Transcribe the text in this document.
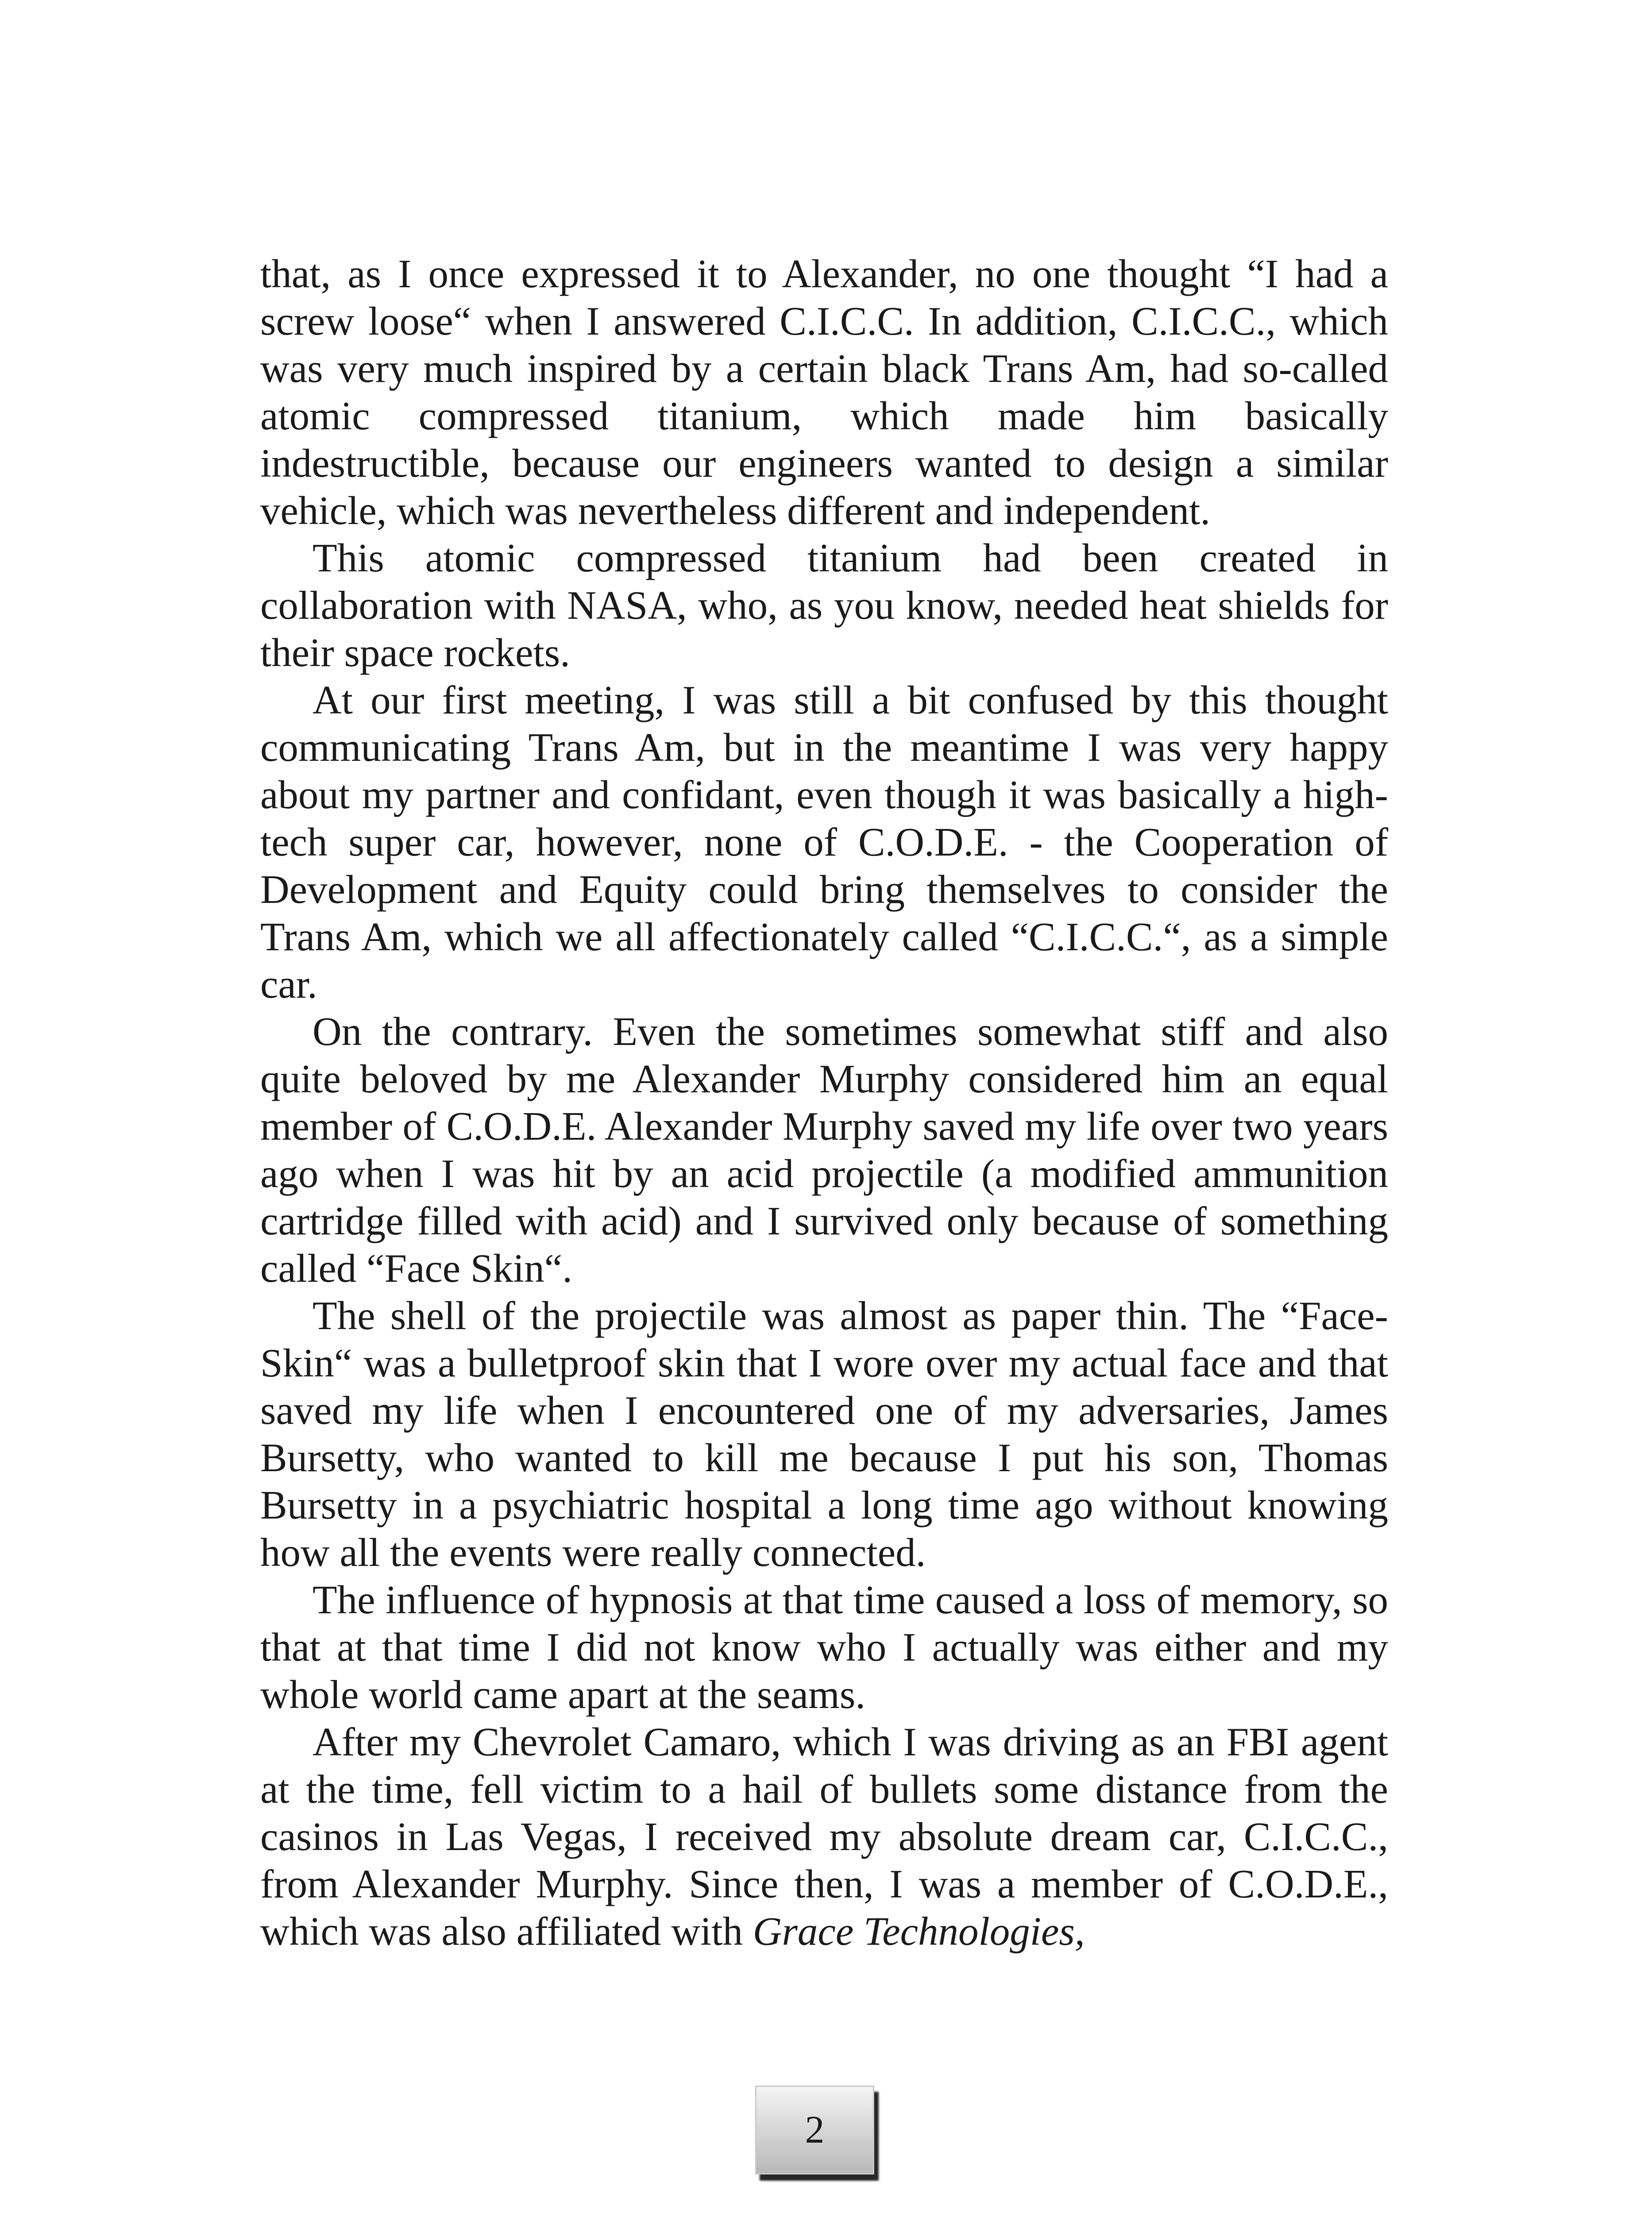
that, as I once expressed it to Alexander, no one thought “I had a screw loose“ when I answered C.I.C.C. In addition, C.I.C.C., which was very much inspired by a certain black Trans Am, had so-called atomic compressed titanium, which made him basically indestructible, because our engineers wanted to design a similar vehicle, which was nevertheless different and independent.

This atomic compressed titanium had been created in collaboration with NASA, who, as you know, needed heat shields for their space rockets.

At our first meeting, I was still a bit confused by this thought communicating Trans Am, but in the meantime I was very happy about my partner and confidant, even though it was basically a high-tech super car, however, none of C.O.D.E. - the Cooperation of Development and Equity could bring themselves to consider the Trans Am, which we all affectionately called “C.I.C.C.“, as a simple car.

On the contrary. Even the sometimes somewhat stiff and also quite beloved by me Alexander Murphy considered him an equal member of C.O.D.E. Alexander Murphy saved my life over two years ago when I was hit by an acid projectile (a modified ammunition cartridge filled with acid) and I survived only because of something called “Face Skin“.

The shell of the projectile was almost as paper thin. The “Face-Skin“ was a bulletproof skin that I wore over my actual face and that saved my life when I encountered one of my adversaries, James Bursetty, who wanted to kill me because I put his son, Thomas Bursetty in a psychiatric hospital a long time ago without knowing how all the events were really connected.

The influence of hypnosis at that time caused a loss of memory, so that at that time I did not know who I actually was either and my whole world came apart at the seams.

After my Chevrolet Camaro, which I was driving as an FBI agent at the time, fell victim to a hail of bullets some distance from the casinos in Las Vegas, I received my absolute dream car, C.I.C.C., from Alexander Murphy. Since then, I was a member of C.O.D.E., which was also affiliated with Grace Technologies,

2
